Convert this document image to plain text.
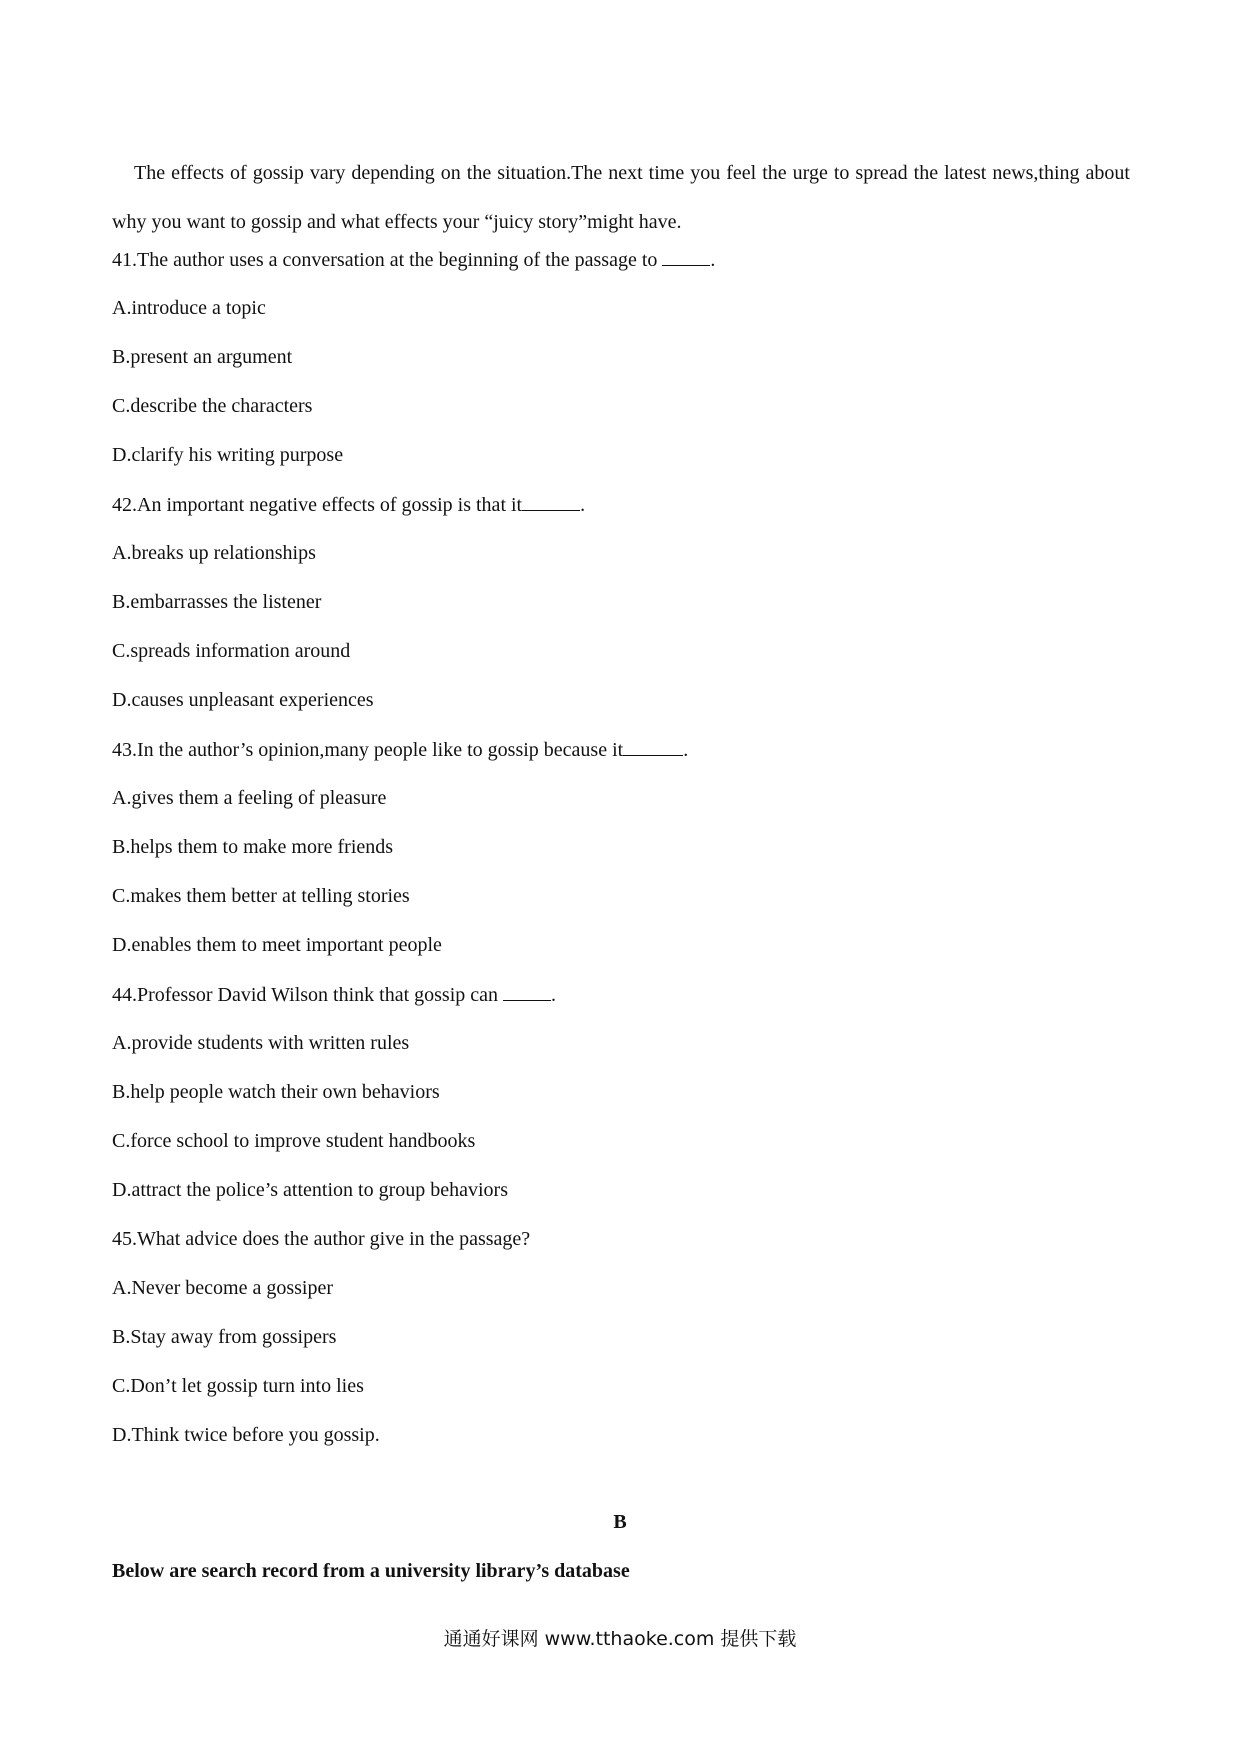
The effects of gossip vary depending on the situation.The next time you feel the urge to spread the latest news,thing about why you want to gossip and what effects your “juicy story”might have.

41.The author uses a conversation at the beginning of the passage to .
A.introduce a topic
B.present an argument
C.describe the characters
D.clarify his writing purpose
42.An important negative effects of gossip is that it	.
A.breaks up relationships
B.embarrasses the listener
C.spreads information around
D.causes unpleasant experiences
43.In the author’s opinion,many people like to gossip because it	.
A.gives them a feeling of pleasure
B.helps them to make more friends
C.makes them better at telling stories
D.enables them to meet important people
44.Professor David Wilson think that gossip can .
A.provide students with written rules
B.help people watch their own behaviors
C.force school to improve student handbooks
D.attract the police’s attention to group behaviors
45.What advice does the author give in the passage?
A.Never become a gossiper
B.Stay away from gossipers
C.Don’t let gossip turn into lies
D.Think twice before you gossip.

B

Below are search record from a university library’s database

通通好课网 www.tthaoke.com 提供下载
